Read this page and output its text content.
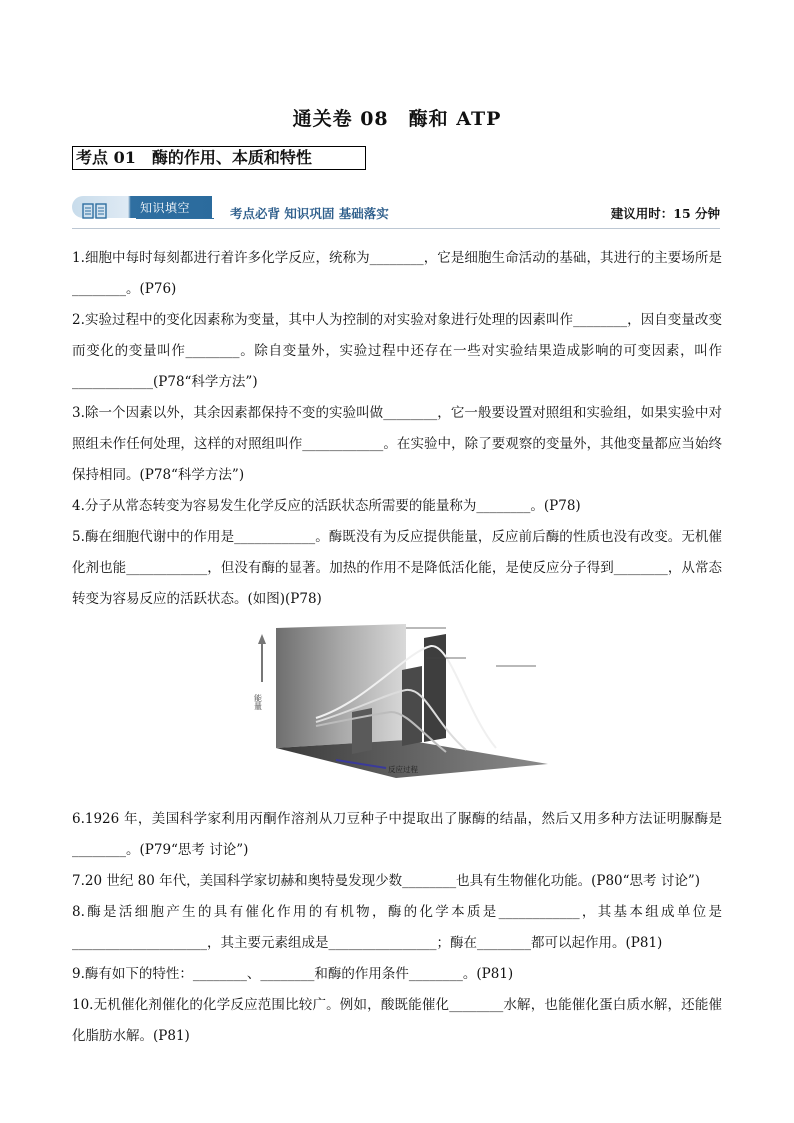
通关卷 08　酶和 ATP
考点 01　酶的作用、本质和特性
知识填空	考点必背 知识巩固 基础落实	建议用时：15 分钟

1.细胞中每时每刻都进行着许多化学反应，统称为________，它是细胞生命活动的基础，其进行的主要场所是________。(P76)

2.实验过程中的变化因素称为变量，其中人为控制的对实验对象进行处理的因素叫作________，因自变量改变而变化的变量叫作________。除自变量外，实验过程中还存在一些对实验结果造成影响的可变因素，叫作____________(P78“科学方法”)

3.除一个因素以外，其余因素都保持不变的实验叫做________，它一般要设置对照组和实验组，如果实验中对照组未作任何处理，这样的对照组叫作____________。在实验中，除了要观察的变量外，其他变量都应当始终保持相同。(P78“科学方法”)

4.分子从常态转变为容易发生化学反应的活跃状态所需要的能量称为________。(P78)

5.酶在细胞代谢中的作用是____________。酶既没有为反应提供能量，反应前后酶的性质也没有改变。无机催化剂也能____________，但没有酶的显著。加热的作用不是降低活化能，是使反应分子得到________，从常态转变为容易反应的活跃状态。(如图)(P78)

6.1926 年，美国科学家利用丙酮作溶剂从刀豆种子中提取出了脲酶的结晶，然后又用多种方法证明脲酶是________。(P79“思考 讨论”)

7.20 世纪 80 年代，美国科学家切赫和奥特曼发现少数________也具有生物催化功能。(P80“思考 讨论”)

8.酶是活细胞产生的具有催化作用的有机物，酶的化学本质是____________，其基本组成单位是____________________，其主要元素组成是________________；酶在________都可以起作用。(P81)

9.酶有如下的特性：________、________和酶的作用条件________。(P81)

10.无机催化剂催化的化学反应范围比较广。例如，酸既能催化________水解，也能催化蛋白质水解，还能催化脂肪水解。(P81)

能量
反应过程
